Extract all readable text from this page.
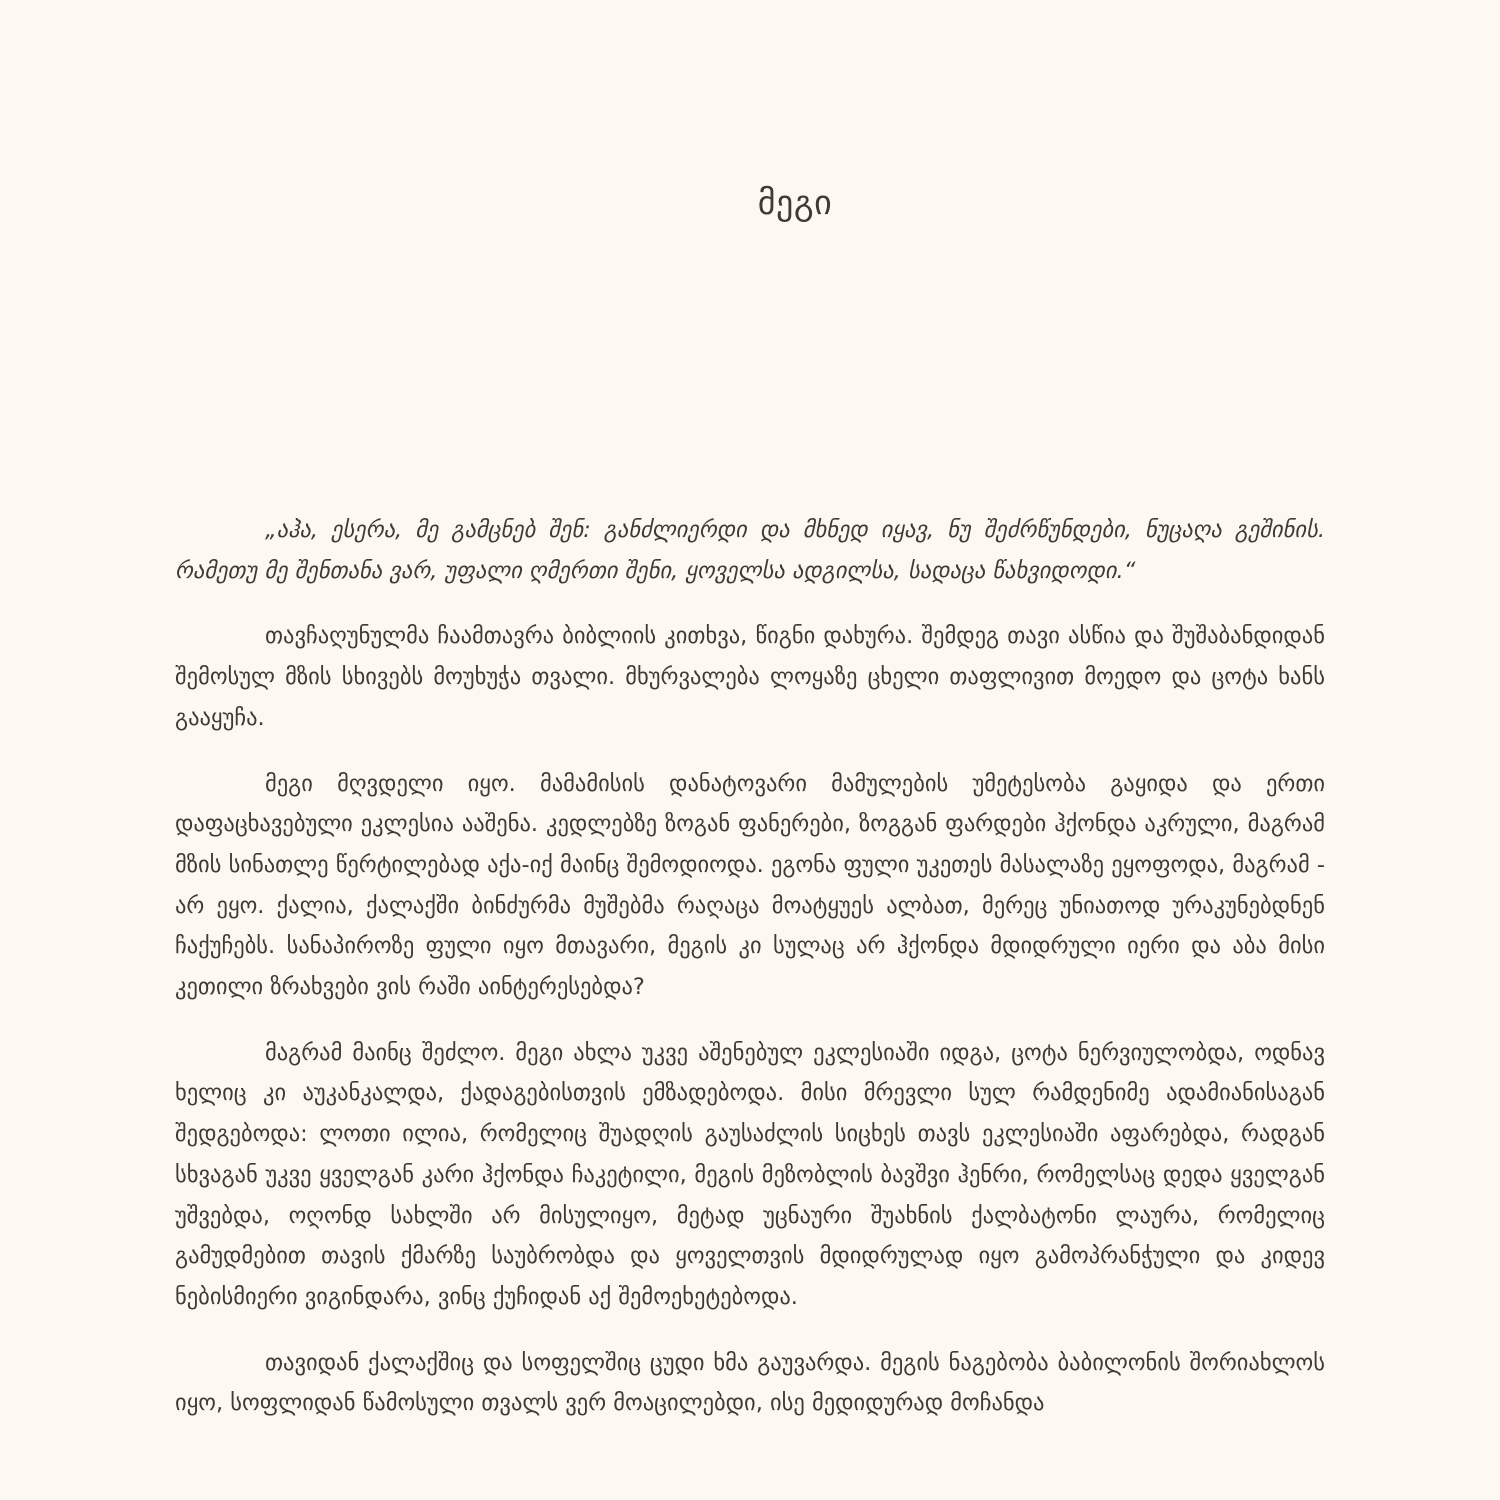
მეგი

„აჰა, ესერა, მე გამცნებ შენ: განძლიერდი და მხნედ იყავ, ნუ შეძრწუნდები, ნუცაღა გეშინის. რამეთუ მე შენთანა ვარ, უფალი ღმერთი შენი, ყოველსა ადგილსა, სადაცა წახვიდოდი.“

თავჩაღუნულმა ჩაამთავრა ბიბლიის კითხვა, წიგნი დახურა. შემდეგ თავი ასწია და შუშაბანდიდან შემოსულ მზის სხივებს მოუხუჭა თვალი. მხურვალება ლოყაზე ცხელი თაფლივით მოედო და ცოტა ხანს გააყუჩა.

მეგი მღვდელი იყო. მამამისის დანატოვარი მამულების უმეტესობა გაყიდა და ერთი დაფაცხავებული ეკლესია ააშენა. კედლებზე ზოგან ფანერები, ზოგგან ფარდები ჰქონდა აკრული, მაგრამ მზის სინათლე წერტილებად აქა-იქ მაინც შემოდიოდა. ეგონა ფული უკეთეს მასალაზე ეყოფოდა, მაგრამ - არ ეყო. ქალია, ქალაქში ბინძურმა მუშებმა რაღაცა მოატყუეს ალბათ, მერეც უნიათოდ ურაკუნებდნენ ჩაქუჩებს. სანაპიროზე ფული იყო მთავარი, მეგის კი სულაც არ ჰქონდა მდიდრული იერი და აბა მისი კეთილი ზრახვები ვის რაში აინტერესებდა?

მაგრამ მაინც შეძლო. მეგი ახლა უკვე აშენებულ ეკლესიაში იდგა, ცოტა ნერვიულობდა, ოდნავ ხელიც კი აუკანკალდა, ქადაგებისთვის ემზადებოდა. მისი მრევლი სულ რამდენიმე ადამიანისაგან შედგებოდა: ლოთი ილია, რომელიც შუადღის გაუსაძლის სიცხეს თავს ეკლესიაში აფარებდა, რადგან სხვაგან უკვე ყველგან კარი ჰქონდა ჩაკეტილი, მეგის მეზობლის ბავშვი ჰენრი, რომელსაც დედა ყველგან უშვებდა, ოღონდ სახლში არ მისულიყო, მეტად უცნაური შუახნის ქალბატონი ლაურა, რომელიც გამუდმებით თავის ქმარზე საუბრობდა და ყოველთვის მდიდრულად იყო გამოპრანჭული და კიდევ ნებისმიერი ვიგინდარა, ვინც ქუჩიდან აქ შემოეხეტებოდა.

თავიდან ქალაქშიც და სოფელშიც ცუდი ხმა გაუვარდა. მეგის ნაგებობა ბაბილონის შორიახლოს იყო, სოფლიდან წამოსული თვალს ვერ მოაცილებდი, ისე მედიდურად მოჩანდა
